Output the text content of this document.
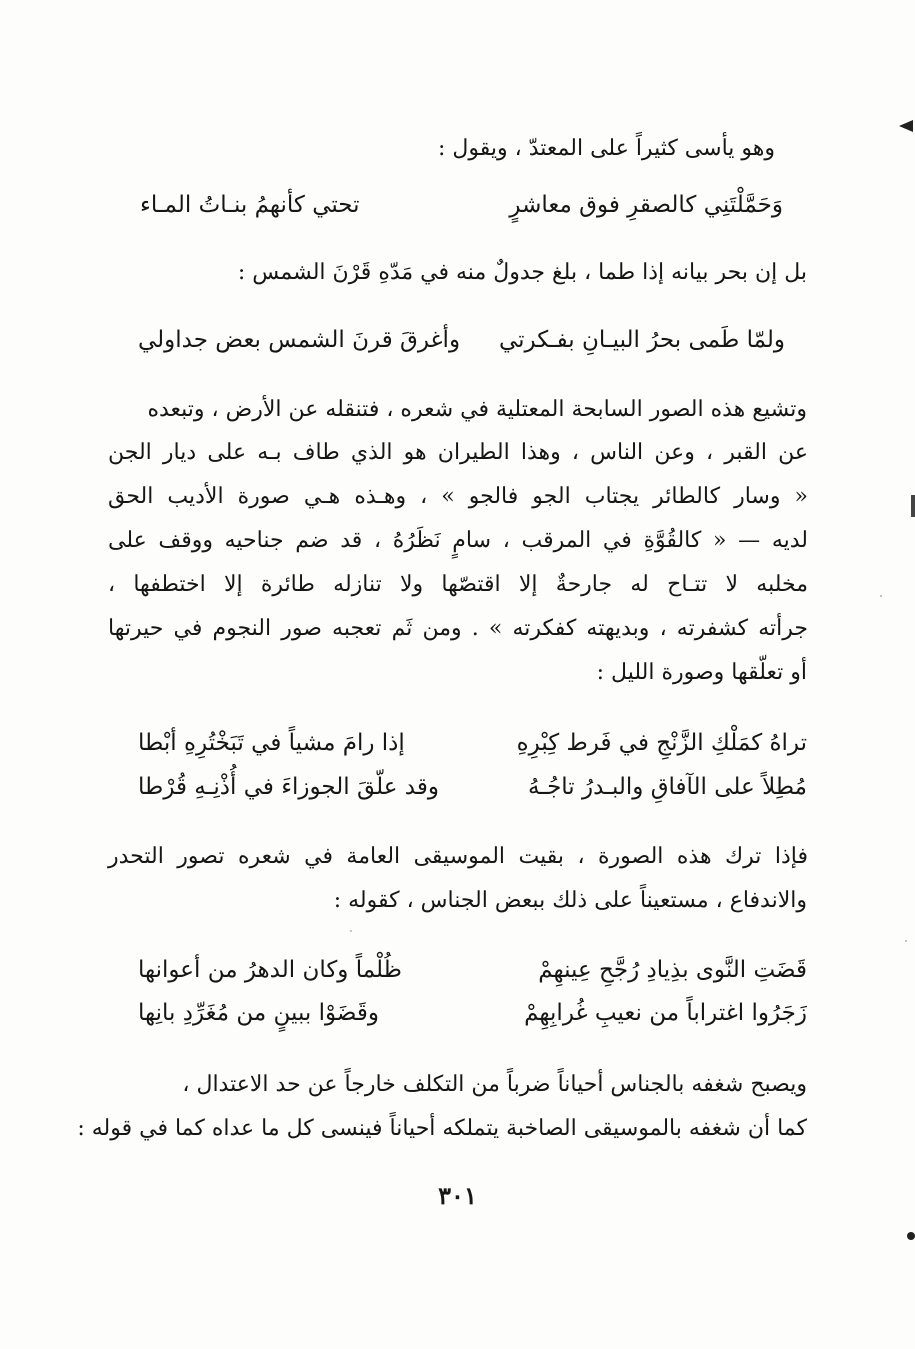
وهو يأسى كثيراً على المعتدّ ، ويقول :
وَحَمَّلْتَنِي كالصقرِ فوق معاشرٍ
تحتي كأنهمُ بنـاتُ المـاء
بل إن بحر بيانه إذا طما ، بلغ جدولٌ منه في مَدّهِ قَرْنَ الشمس :
ولمّا طَمى بحرُ البيـانِ بفـكرتي
وأغرقَ قرنَ الشمس بعض جداولي
وتشيع هذه الصور السابحة المعتلية في شعره ، فتنقله عن الأرض ، وتبعده
عن القبر ، وعن الناس ، وهذا الطيران هو الذي طاف بـه على ديار الجن
« وسار كالطائر يجتاب الجو فالجو » ، وهـذه هـي صورة الأديب الحق
لديه — « كالقُوَّةِ في المرقب ، سامٍ نَظَرُهُ ، قد ضم جناحيه ووقف على
مخلبه لا تتـاح له جارحةٌ إلا اقتصّها ولا تنازله طائرة إلا اختطفها ،
جرأته كشفرته ، وبديهته كفكرته » . ومن ثَم تعجبه صور النجوم في حيرتها
أو تعلّقها وصورة الليل :
تراهُ كمَلْكِ الزَّنْجِ في فَرط كِبْرِهِ
إذا رامَ مشياً في تَبَخْتُرِهِ أبْطا
مُطِلاً على الآفاقِ والبـدرُ تاجُـهُ
وقد علّقَ الجوزاءَ في أُذْنِـهِ قُرْطا
فإذا ترك هذه الصورة ، بقيت الموسيقى العامة في شعره تصور التحدر
والاندفاع ، مستعيناً على ذلك ببعض الجناس ، كقوله :
قَضَتِ النَّوى بذِيادِ رُجَّحِ عِينهِمْ
ظُلْماً وكان الدهرُ من أعوانها
زَجَرُوا اغتراباً من نعيبِ غُرابِهِمْ
وقَضَوْا ببينٍ من مُغَرِّدِ بانِها
ويصبح شغفه بالجناس أحياناً ضرباً من التكلف خارجاً عن حد الاعتدال ،
كما أن شغفه بالموسيقى الصاخبة يتملكه أحياناً فينسى كل ما عداه كما في قوله :
٣٠١
